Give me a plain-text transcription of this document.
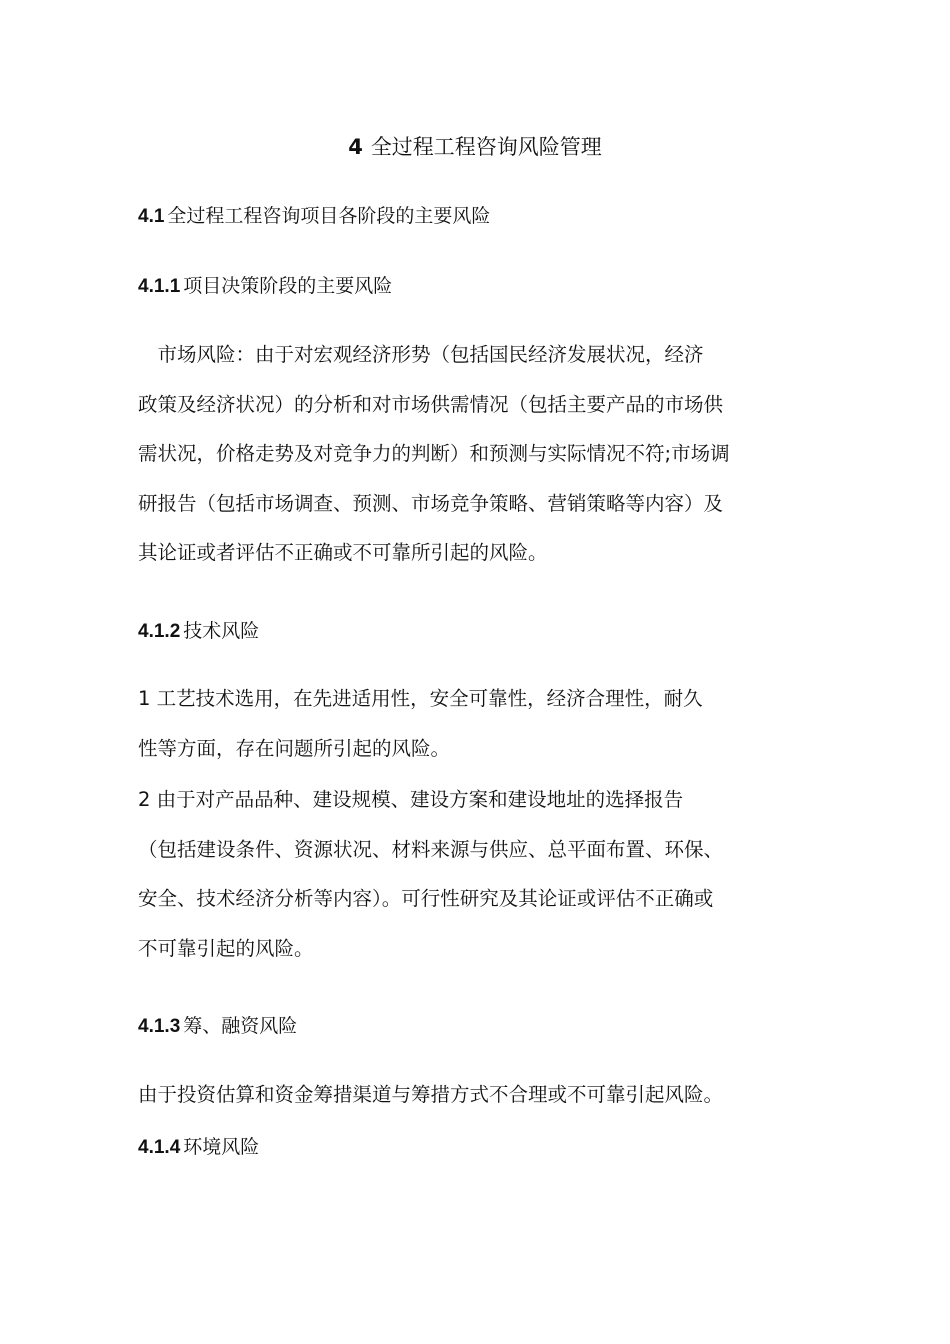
4 全过程工程咨询风险管理
4.1 全过程工程咨询项目各阶段的主要风险
4.1.1 项目决策阶段的主要风险
　市场风险：由于对宏观经济形势（包括国民经济发展状况，经济
政策及经济状况）的分析和对市场供需情况（包括主要产品的市场供
需状况，价格走势及对竞争力的判断）和预测与实际情况不符;市场调
研报告（包括市场调查、预测、市场竞争策略、营销策略等内容）及
其论证或者评估不正确或不可靠所引起的风险。
4.1.2 技术风险
1 工艺技术选用，在先进适用性，安全可靠性，经济合理性，耐久
性等方面，存在问题所引起的风险。
2 由于对产品品种、建设规模、建设方案和建设地址的选择报告
（包括建设条件、资源状况、材料来源与供应、总平面布置、环保、
安全、技术经济分析等内容）。可行性研究及其论证或评估不正确或
不可靠引起的风险。
4.1.3 筹、融资风险
由于投资估算和资金筹措渠道与筹措方式不合理或不可靠引起风险。
4.1.4 环境风险
